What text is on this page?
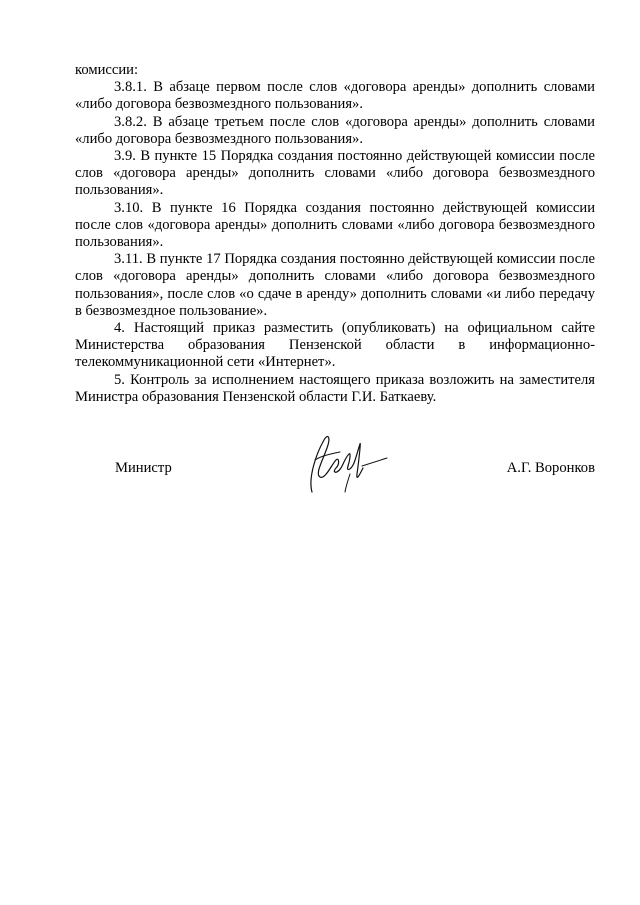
комиссии:

3.8.1. В абзаце первом после слов «договора аренды» дополнить словами «либо договора безвозмездного пользования».

3.8.2. В абзаце третьем после слов «договора аренды» дополнить словами «либо договора безвозмездного пользования».

3.9. В пункте 15 Порядка создания постоянно действующей комиссии после слов «договора аренды» дополнить словами «либо договора безвозмездного пользования».

3.10. В пункте 16 Порядка создания постоянно действующей комиссии после слов «договора аренды» дополнить словами «либо договора безвозмездного пользования».

3.11. В пункте 17 Порядка создания постоянно действующей комиссии после слов «договора аренды» дополнить словами «либо договора безвозмездного пользования», после слов «о сдаче в аренду» дополнить словами «и либо передачу в безвозмездное пользование».

4. Настоящий приказ разместить (опубликовать) на официальном сайте Министерства образования Пензенской области в информационно-телекоммуникационной сети «Интернет».

5. Контроль за исполнением настоящего приказа возложить на заместителя Министра образования Пензенской области Г.И. Баткаеву.

Министр	А.Г. Воронков
